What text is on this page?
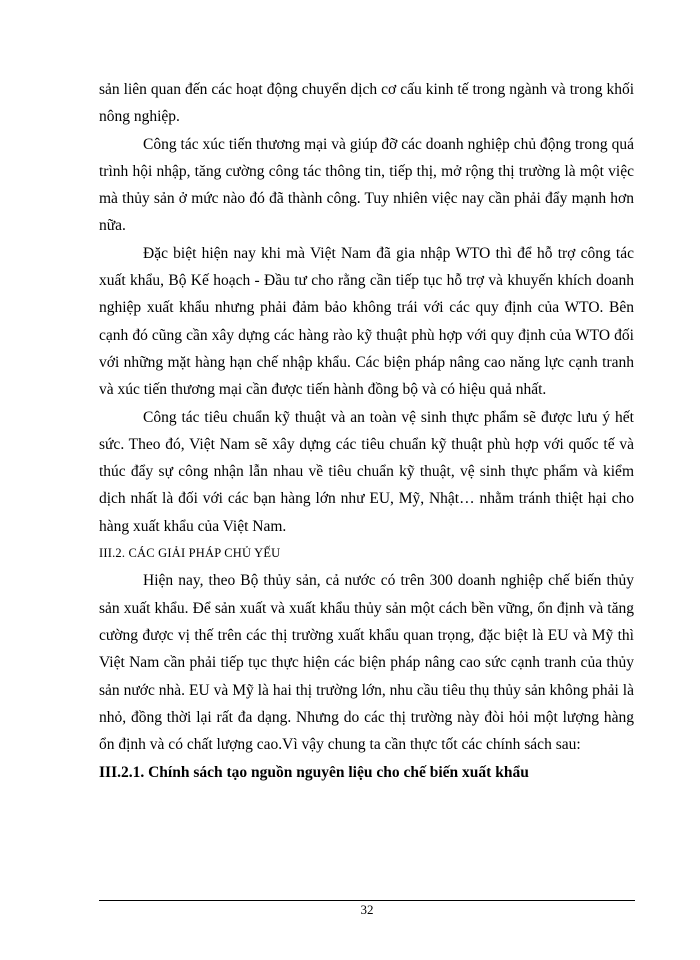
sản liên quan đến các hoạt động chuyển dịch cơ cấu kinh tế trong ngành và trong khối nông nghiệp.

Công tác xúc tiến thương mại và giúp đỡ các doanh nghiệp chủ động trong quá trình hội nhập, tăng cường công tác thông tin, tiếp thị, mở rộng thị trường là một việc mà thủy sản ở mức nào đó đã thành công. Tuy nhiên việc nay cần phải đẩy mạnh hơn nữa.

Đặc biệt hiện nay khi mà Việt Nam đã gia nhập WTO thì để hỗ trợ công tác xuất khẩu, Bộ Kế hoạch - Đầu tư cho rằng cần tiếp tục hỗ trợ và khuyến khích doanh nghiệp xuất khẩu nhưng phải đảm bảo không trái với các quy định của WTO. Bên cạnh đó cũng cần xây dựng các hàng rào kỹ thuật phù hợp với quy định của WTO đối với những mặt hàng hạn chế nhập khẩu. Các biện pháp nâng cao năng lực cạnh tranh và xúc tiến thương mại cần được tiến hành đồng bộ và có hiệu quả nhất.

Công tác tiêu chuẩn kỹ thuật và an toàn vệ sinh thực phẩm sẽ được lưu ý hết sức. Theo đó, Việt Nam sẽ xây dựng các tiêu chuẩn kỹ thuật phù hợp với quốc tế và thúc đẩy sự công nhận lẫn nhau về tiêu chuẩn kỹ thuật, vệ sinh thực phẩm và kiểm dịch nhất là đối với các bạn hàng lớn như EU, Mỹ, Nhật… nhằm tránh thiệt hại cho hàng xuất khẩu của Việt Nam.

III.2. CÁC GIẢI PHÁP CHỦ YẾU

Hiện nay, theo Bộ thủy sản, cả nước có trên 300 doanh nghiệp chế biến thủy sản xuất khẩu. Để sản xuất và xuất khẩu thủy sản một cách bền vững, ổn định và tăng cường được vị thế trên các thị trường xuất khẩu quan trọng, đặc biệt là EU và Mỹ thì Việt Nam cần phải tiếp tục thực hiện các biện pháp nâng cao sức cạnh tranh của thủy sản nước nhà. EU và Mỹ là hai thị trường lớn, nhu cầu tiêu thụ thủy sản không phải là nhỏ, đồng thời lại rất đa dạng. Nhưng do các thị trường này đòi hỏi một lượng hàng ổn định và có chất lượng cao.Vì vậy chung ta cần thực tốt các chính sách sau:

III.2.1. Chính sách tạo nguồn nguyên liệu cho chế biến xuất khẩu

32
